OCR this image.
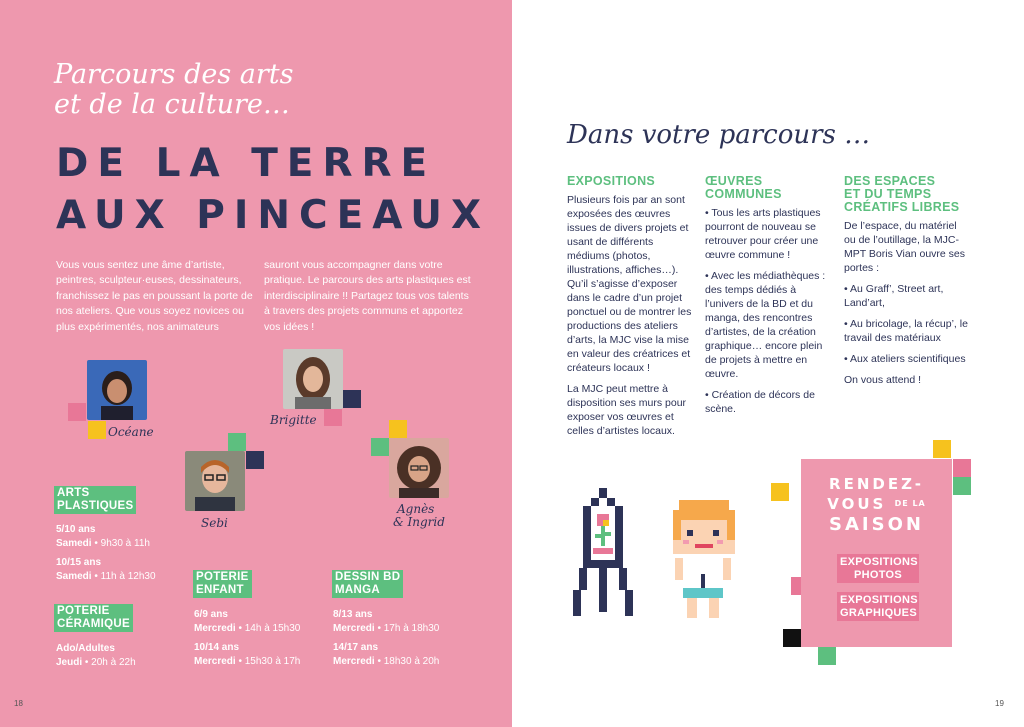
Parcours des arts
et de la culture…
DE LA TERRE
AUX PINCEAUX

Vous vous sentez une âme d’artiste, peintres, sculpteur·euses, dessinateurs, franchissez le pas en poussant la porte de nos ateliers. Que vous soyez novices ou plus expérimentés, nos animateurs

sauront vous accompagner dans votre pratique. Le parcours des arts plastiques est interdisciplinaire !! Partagez tous vos talents à travers des projets communs et apportez vos idées !

Océane
Brigitte
Sebi
Agnès
& Ingrid
ARTS
PLASTIQUES
5/10 ans
Samedi • 9h30 à 11h
10/15 ans
Samedi • 11h à 12h30
POTERIE
CÉRAMIQUE
Ado/Adultes
Jeudi • 20h à 22h
POTERIE
ENFANT
6/9 ans
Mercredi • 14h à 15h30
10/14 ans
Mercredi • 15h30 à 17h
DESSIN BD
MANGA
8/13 ans
Mercredi • 17h à 18h30
14/17 ans
Mercredi • 18h30 à 20h
18
Dans votre parcours …
EXPOSITIONS

Plusieurs fois par an sont exposées des œuvres issues de divers projets et usant de différents médiums (photos, illustrations, affiches…). Qu’il s’agisse d’exposer dans le cadre d’un projet ponctuel ou de montrer les productions des ateliers d’arts, la MJC vise la mise en valeur des créatrices et créateurs locaux !

La MJC peut mettre à disposition ses murs pour exposer vos œuvres et celles d’artistes locaux.

ŒUVRES
COMMUNES

• Tous les arts plastiques pourront de nouveau se retrouver pour créer une œuvre commune !

• Avec les médiathèques : des temps dédiés à l’univers de la BD et du manga, des rencontres d’artistes, de la création graphique… encore plein de projets à mettre en œuvre.

• Création de décors de scène.

DES ESPACES
ET DU TEMPS
CRÉATIFS LIBRES

De l’espace, du matériel ou de l’outillage, la MJC-MPT Boris Vian ouvre ses portes :

• Au Graff’, Street art, Land’art,

• Au bricolage, la récup’, le travail des matériaux

• Aux ateliers scientifiques

On vous attend !

RENDEZ-
VOUS $^{DE LA}$
SAISON
EXPOSITIONS
PHOTOS
EXPOSITIONS
GRAPHIQUES
19
